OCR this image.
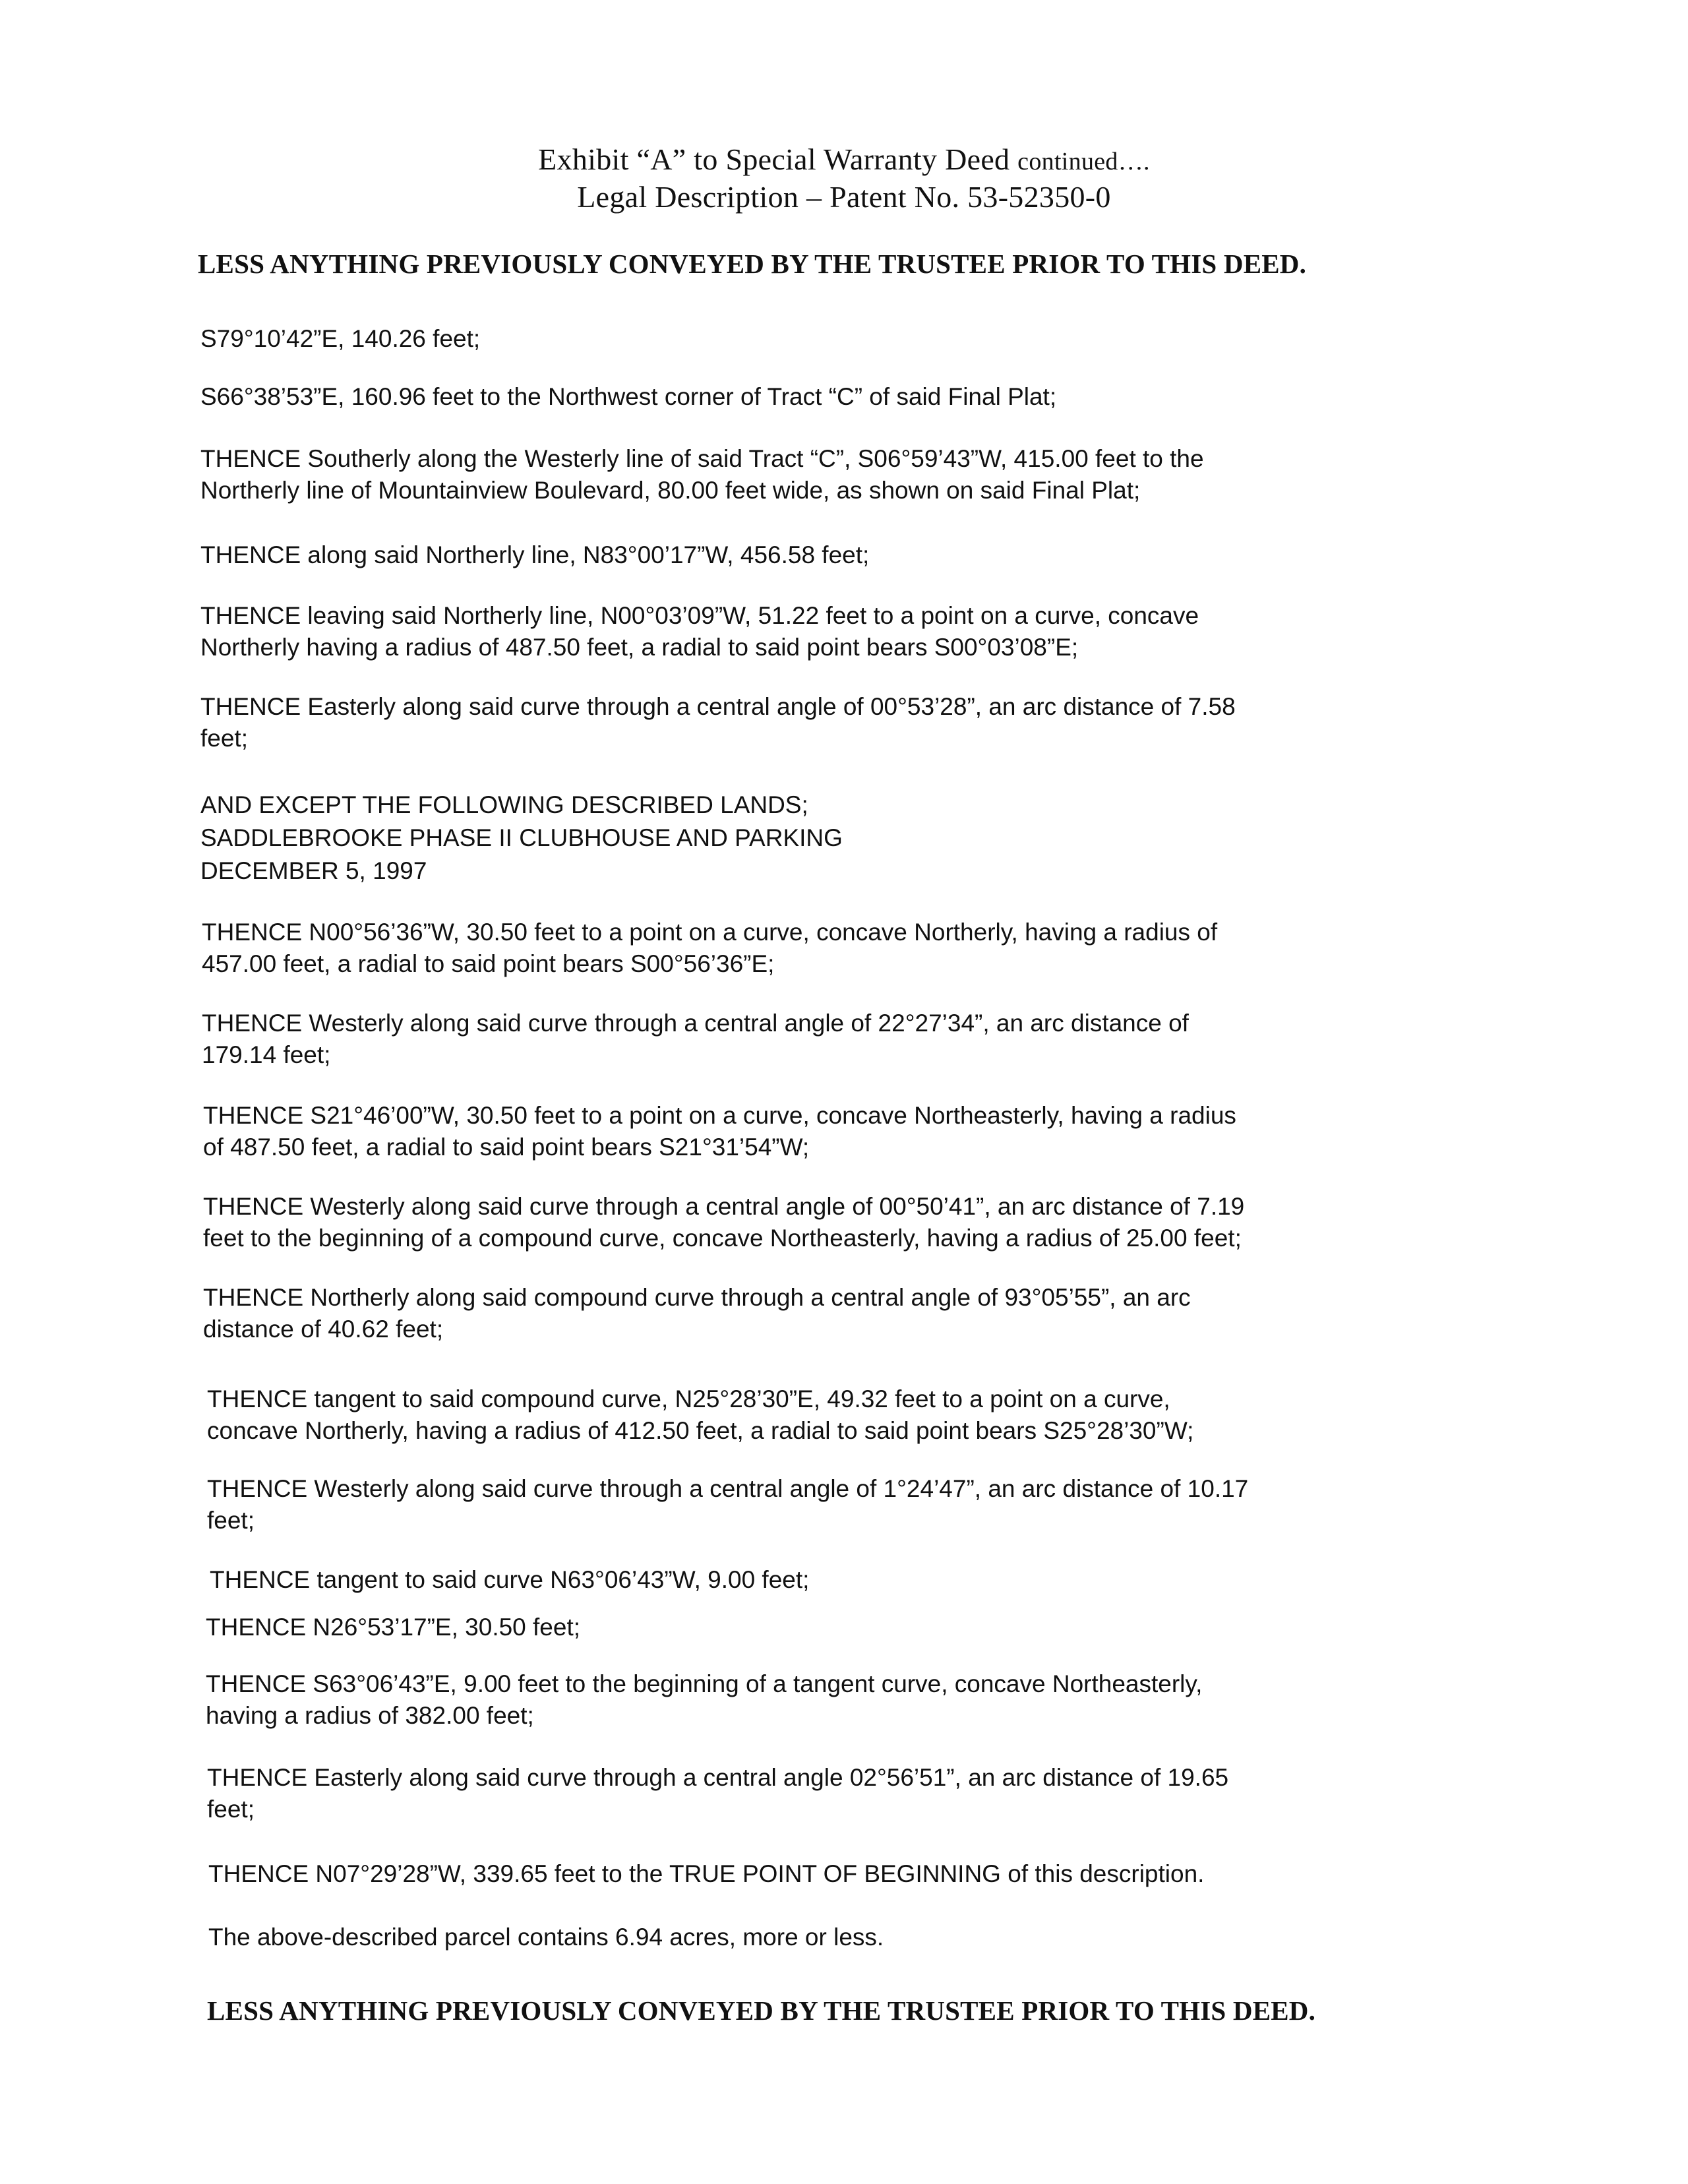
Exhibit “A” to Special Warranty Deed continued….
Legal Description – Patent No. 53-52350-0
LESS ANYTHING PREVIOUSLY CONVEYED BY THE TRUSTEE PRIOR TO THIS DEED.
S79°10’42”E, 140.26 feet;
S66°38’53”E, 160.96 feet to the Northwest corner of Tract “C” of said Final Plat;
THENCE Southerly along the Westerly line of said Tract “C”, S06°59’43”W, 415.00 feet to the
Northerly line of Mountainview Boulevard, 80.00 feet wide, as shown on said Final Plat;
THENCE along said Northerly line, N83°00’17”W, 456.58 feet;
THENCE leaving said Northerly line, N00°03’09”W, 51.22 feet to a point on a curve, concave
Northerly having a radius of 487.50 feet, a radial to said point bears S00°03’08”E;
THENCE Easterly along said curve through a central angle of 00°53’28”, an arc distance of 7.58
feet;
AND EXCEPT THE FOLLOWING DESCRIBED LANDS;
SADDLEBROOKE PHASE II CLUBHOUSE AND PARKING
DECEMBER 5, 1997
THENCE N00°56’36”W, 30.50 feet to a point on a curve, concave Northerly, having a radius of
457.00 feet, a radial to said point bears S00°56’36”E;
THENCE Westerly along said curve through a central angle of 22°27’34”, an arc distance of
179.14 feet;
THENCE S21°46’00”W, 30.50 feet to a point on a curve, concave Northeasterly, having a radius
of 487.50 feet, a radial to said point bears S21°31’54”W;
THENCE Westerly along said curve through a central angle of 00°50’41”, an arc distance of 7.19
feet to the beginning of a compound curve, concave Northeasterly, having a radius of 25.00 feet;
THENCE Northerly along said compound curve through a central angle of 93°05’55”, an arc
distance of 40.62 feet;
THENCE tangent to said compound curve, N25°28’30”E, 49.32 feet to a point on a curve,
concave Northerly, having a radius of 412.50 feet, a radial to said point bears S25°28’30”W;
THENCE Westerly along said curve through a central angle of 1°24’47”, an arc distance of 10.17
feet;
THENCE tangent to said curve N63°06’43”W, 9.00 feet;
THENCE N26°53’17”E, 30.50 feet;
THENCE S63°06’43”E, 9.00 feet to the beginning of a tangent curve, concave Northeasterly,
having a radius of 382.00 feet;
THENCE Easterly along said curve through a central angle 02°56’51”, an arc distance of 19.65
feet;
THENCE N07°29’28”W, 339.65 feet to the TRUE POINT OF BEGINNING of this description.
The above-described parcel contains 6.94 acres, more or less.
LESS ANYTHING PREVIOUSLY CONVEYED BY THE TRUSTEE PRIOR TO THIS DEED.
